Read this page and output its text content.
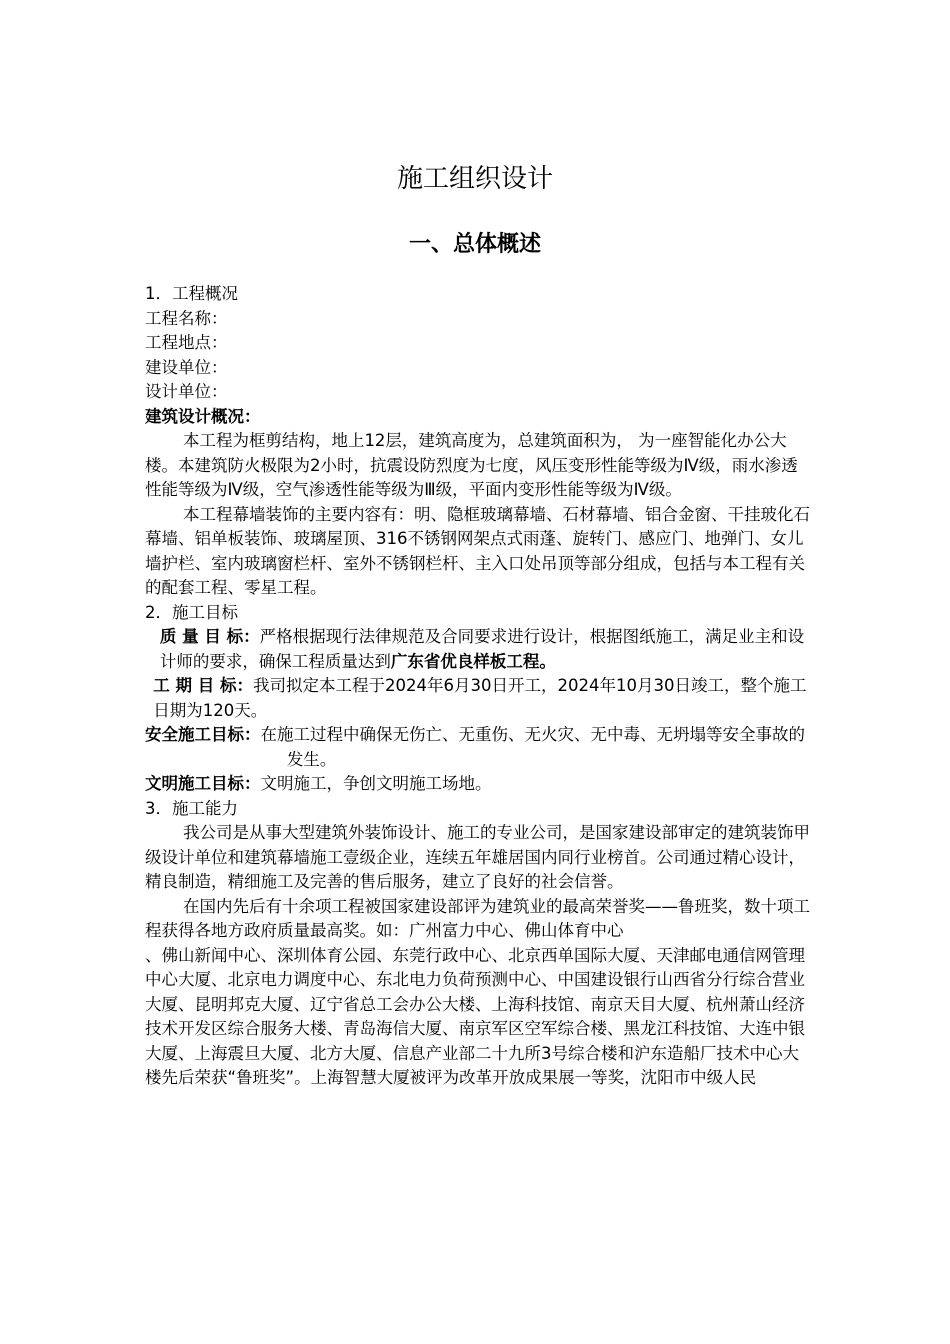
施工组织设计
一、总体概述

1．工程概况

工程名称：

工程地点：

建设单位：

设计单位：

建筑设计概况：

本工程为框剪结构，地上12层，建筑高度为，总建筑面积为， 为一座智能化办公大楼。本建筑防火极限为2小时，抗震设防烈度为七度，风压变形性能等级为Ⅳ级，雨水渗透性能等级为Ⅳ级，空气渗透性能等级为Ⅲ级，平面内变形性能等级为Ⅳ级。

本工程幕墙装饰的主要内容有：明、隐框玻璃幕墙、石材幕墙、铝合金窗、干挂玻化石幕墙、铝单板装饰、玻璃屋顶、316不锈钢网架点式雨蓬、旋转门、感应门、地弹门、女儿墙护栏、室内玻璃窗栏杆、室外不锈钢栏杆、主入口处吊顶等部分组成，包括与本工程有关的配套工程、零星工程。

2．施工目标

质 量 目 标：严格根据现行法律规范及合同要求进行设计，根据图纸施工，满足业主和设计师的要求，确保工程质量达到广东省优良样板工程。

工 期 目 标：我司拟定本工程于2024年6月30日开工，2024年10月30日竣工，整个施工日期为120天。

安全施工目标：在施工过程中确保无伤亡、无重伤、无火灾、无中毒、无坍塌等安全事故的发生。

文明施工目标：文明施工，争创文明施工场地。

3．施工能力

我公司是从事大型建筑外装饰设计、施工的专业公司，是国家建设部审定的建筑装饰甲级设计单位和建筑幕墙施工壹级企业，连续五年雄居国内同行业榜首。公司通过精心设计，精良制造，精细施工及完善的售后服务，建立了良好的社会信誉。

在国内先后有十余项工程被国家建设部评为建筑业的最高荣誉奖——鲁班奖，数十项工程获得各地方政府质量最高奖。如：广州富力中心、佛山体育中心

、佛山新闻中心、深圳体育公园、东莞行政中心、北京西单国际大厦、天津邮电通信网管理中心大厦、北京电力调度中心、东北电力负荷预测中心、中国建设银行山西省分行综合营业大厦、昆明邦克大厦、辽宁省总工会办公大楼、上海科技馆、南京天目大厦、杭州萧山经济技术开发区综合服务大楼、青岛海信大厦、南京军区空军综合楼、黑龙江科技馆、大连中银大厦、上海震旦大厦、北方大厦、信息产业部二十九所3号综合楼和沪东造船厂技术中心大楼先后荣获“鲁班奖”。上海智慧大厦被评为改革开放成果展一等奖，沈阳市中级人民
